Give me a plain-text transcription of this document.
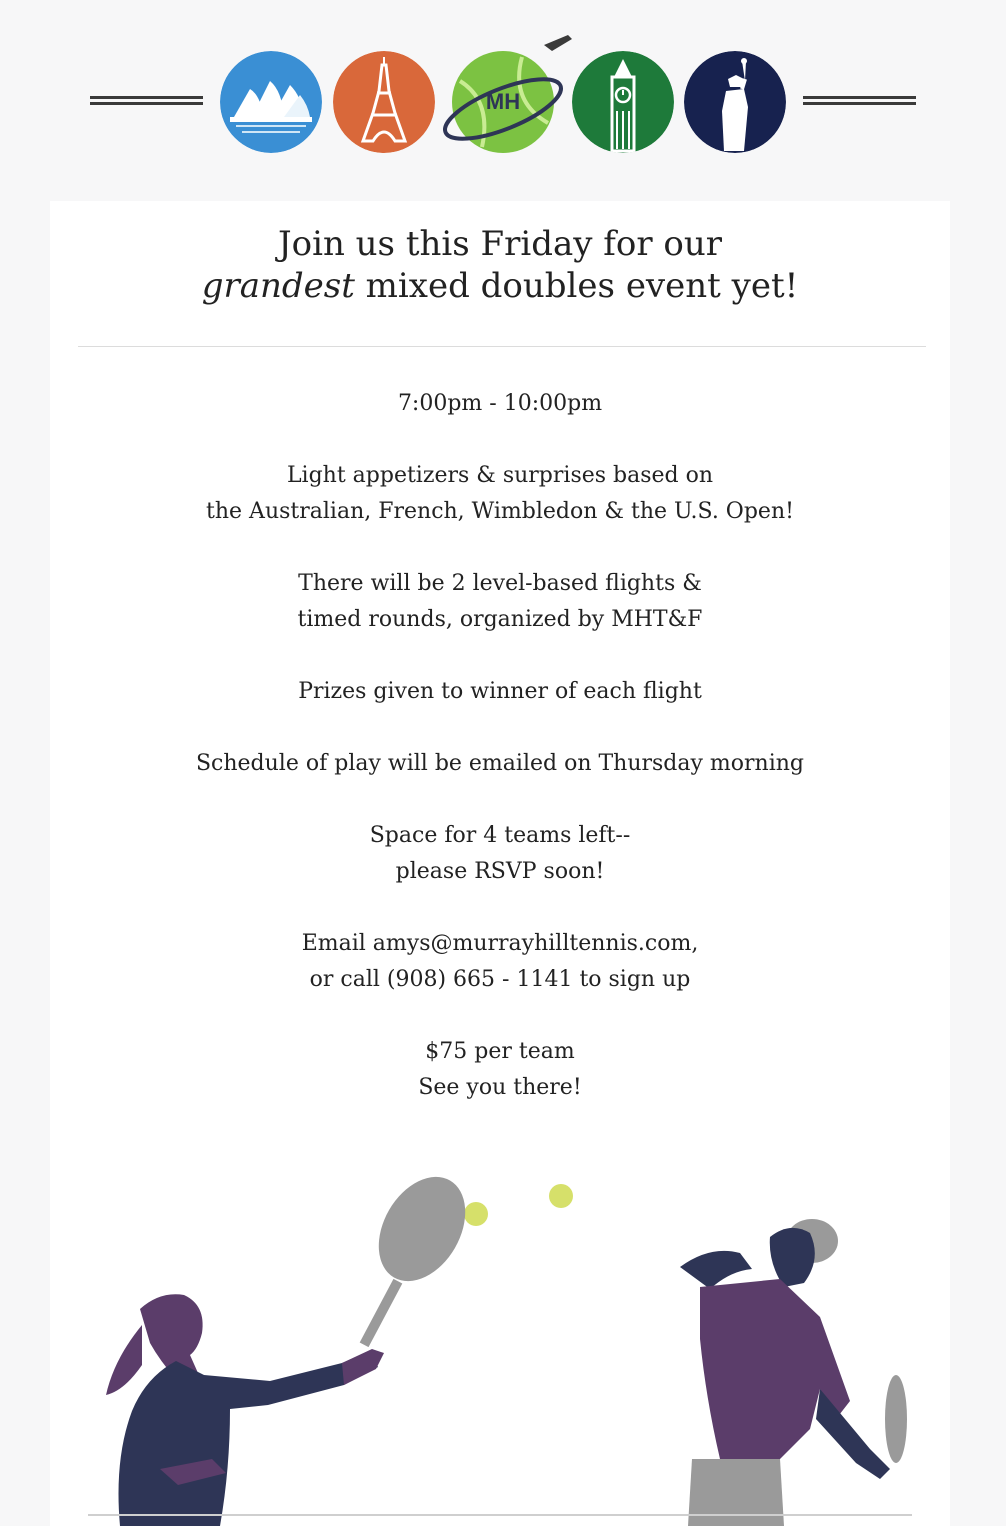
MH
Join us this Friday for our
grandest mixed doubles event yet!

7:00pm - 10:00pm

Light appetizers & surprises based on
the Australian, French, Wimbledon & the U.S. Open!

There will be 2 level-based flights &
timed rounds, organized by MHT&F

Prizes given to winner of each flight

Schedule of play will be emailed on Thursday morning

Space for 4 teams left--
please RSVP soon!

Email amys@murrayhilltennis.com,
or call (908) 665 - 1141 to sign up

$75 per team
See you there!
